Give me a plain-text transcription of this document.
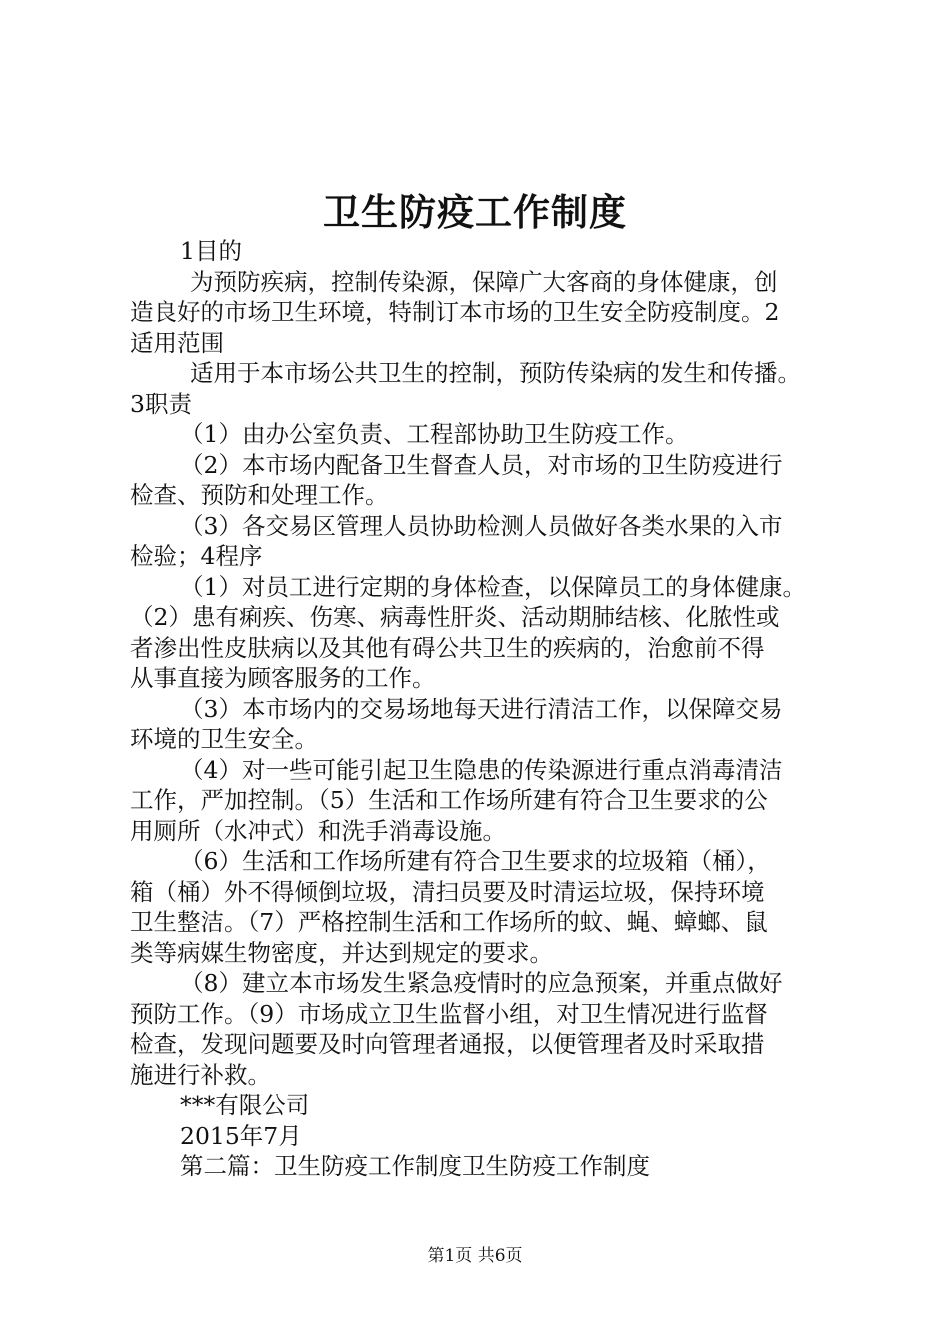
卫生防疫工作制度
1目的
为预防疾病，控制传染源，保障广大客商的身体健康，创
造良好的市场卫生环境，特制订本市场的卫生安全防疫制度。2
适用范围
适用于本市场公共卫生的控制，预防传染病的发生和传播。
3职责
（1）由办公室负责、工程部协助卫生防疫工作。
（2）本市场内配备卫生督查人员，对市场的卫生防疫进行
检查、预防和处理工作。
（3）各交易区管理人员协助检测人员做好各类水果的入市
检验；4程序
（1）对员工进行定期的身体检查，以保障员工的身体健康。
（2）患有痢疾、伤寒、病毒性肝炎、活动期肺结核、化脓性或
者渗出性皮肤病以及其他有碍公共卫生的疾病的，治愈前不得
从事直接为顾客服务的工作。
（3）本市场内的交易场地每天进行清洁工作，以保障交易
环境的卫生安全。
（4）对一些可能引起卫生隐患的传染源进行重点消毒清洁
工作，严加控制。（5）生活和工作场所建有符合卫生要求的公
用厕所（水冲式）和洗手消毒设施。
（6）生活和工作场所建有符合卫生要求的垃圾箱（桶），
箱（桶）外不得倾倒垃圾，清扫员要及时清运垃圾，保持环境
卫生整洁。（7）严格控制生活和工作场所的蚊、蝇、蟑螂、鼠
类等病媒生物密度，并达到规定的要求。
（8）建立本市场发生紧急疫情时的应急预案，并重点做好
预防工作。（9）市场成立卫生监督小组，对卫生情况进行监督
检查，发现问题要及时向管理者通报，以便管理者及时采取措
施进行补救。
***有限公司
2015年7月
第二篇：卫生防疫工作制度卫生防疫工作制度
第1页 共6页
